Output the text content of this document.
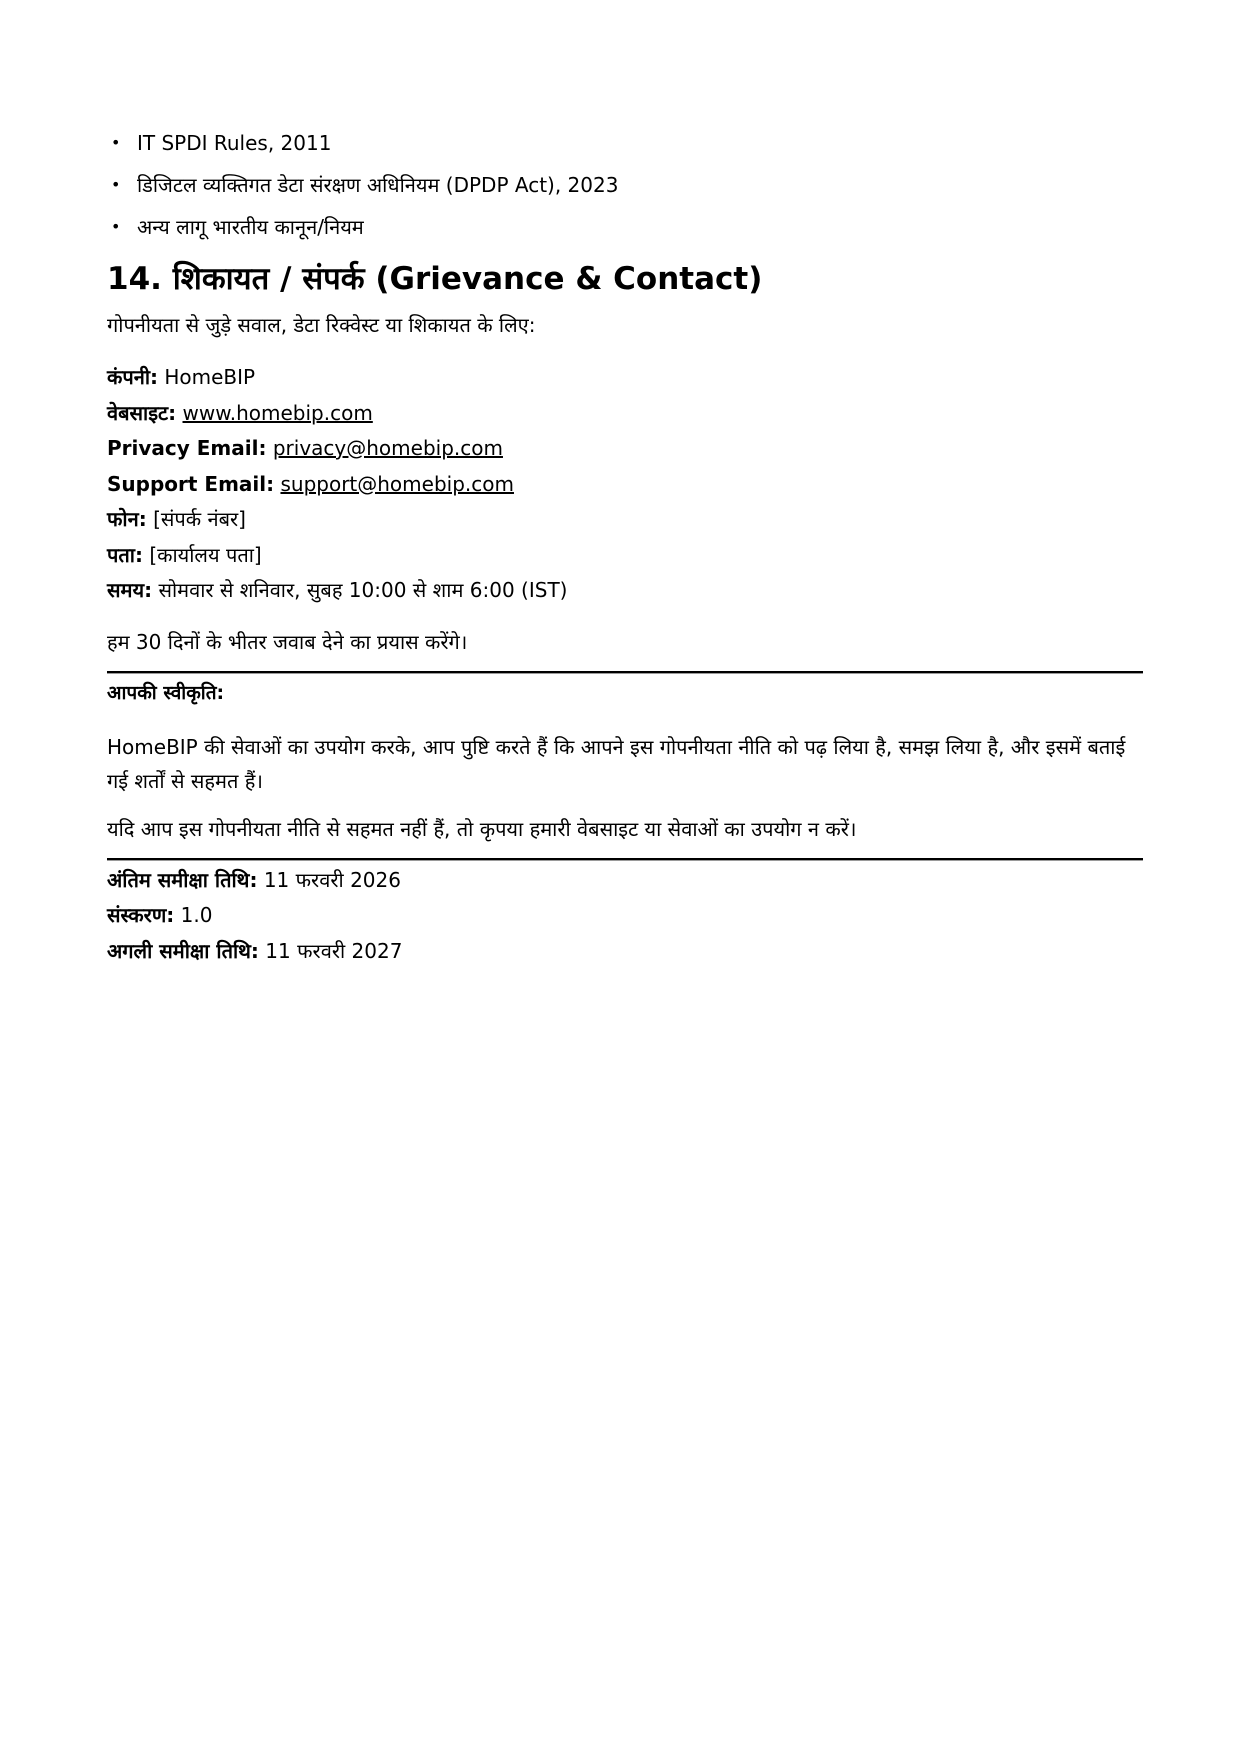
• IT SPDI Rules, 2011
• डिजिटल व्यक्तिगत डेटा संरक्षण अधिनियम (DPDP Act), 2023
• अन्य लागू भारतीय कानून/नियम
14. शिकायत / संपर्क (Grievance & Contact)

गोपनीयता से जुड़े सवाल, डेटा रिक्वेस्ट या शिकायत के लिए:

कंपनी: HomeBIP
वेबसाइट: www.homebip.com
Privacy Email: privacy@homebip.com
Support Email: support@homebip.com
फोन: [संपर्क नंबर]
पता: [कार्यालय पता]
समय: सोमवार से शनिवार, सुबह 10:00 से शाम 6:00 (IST)

हम 30 दिनों के भीतर जवाब देने का प्रयास करेंगे।

आपकी स्वीकृति:

HomeBIP की सेवाओं का उपयोग करके, आप पुष्टि करते हैं कि आपने इस गोपनीयता नीति को पढ़ लिया है, समझ लिया है, और इसमें बताई गई शर्तों से सहमत हैं।

यदि आप इस गोपनीयता नीति से सहमत नहीं हैं, तो कृपया हमारी वेबसाइट या सेवाओं का उपयोग न करें।

अंतिम समीक्षा तिथि: 11 फरवरी 2026
संस्करण: 1.0
अगली समीक्षा तिथि: 11 फरवरी 2027
